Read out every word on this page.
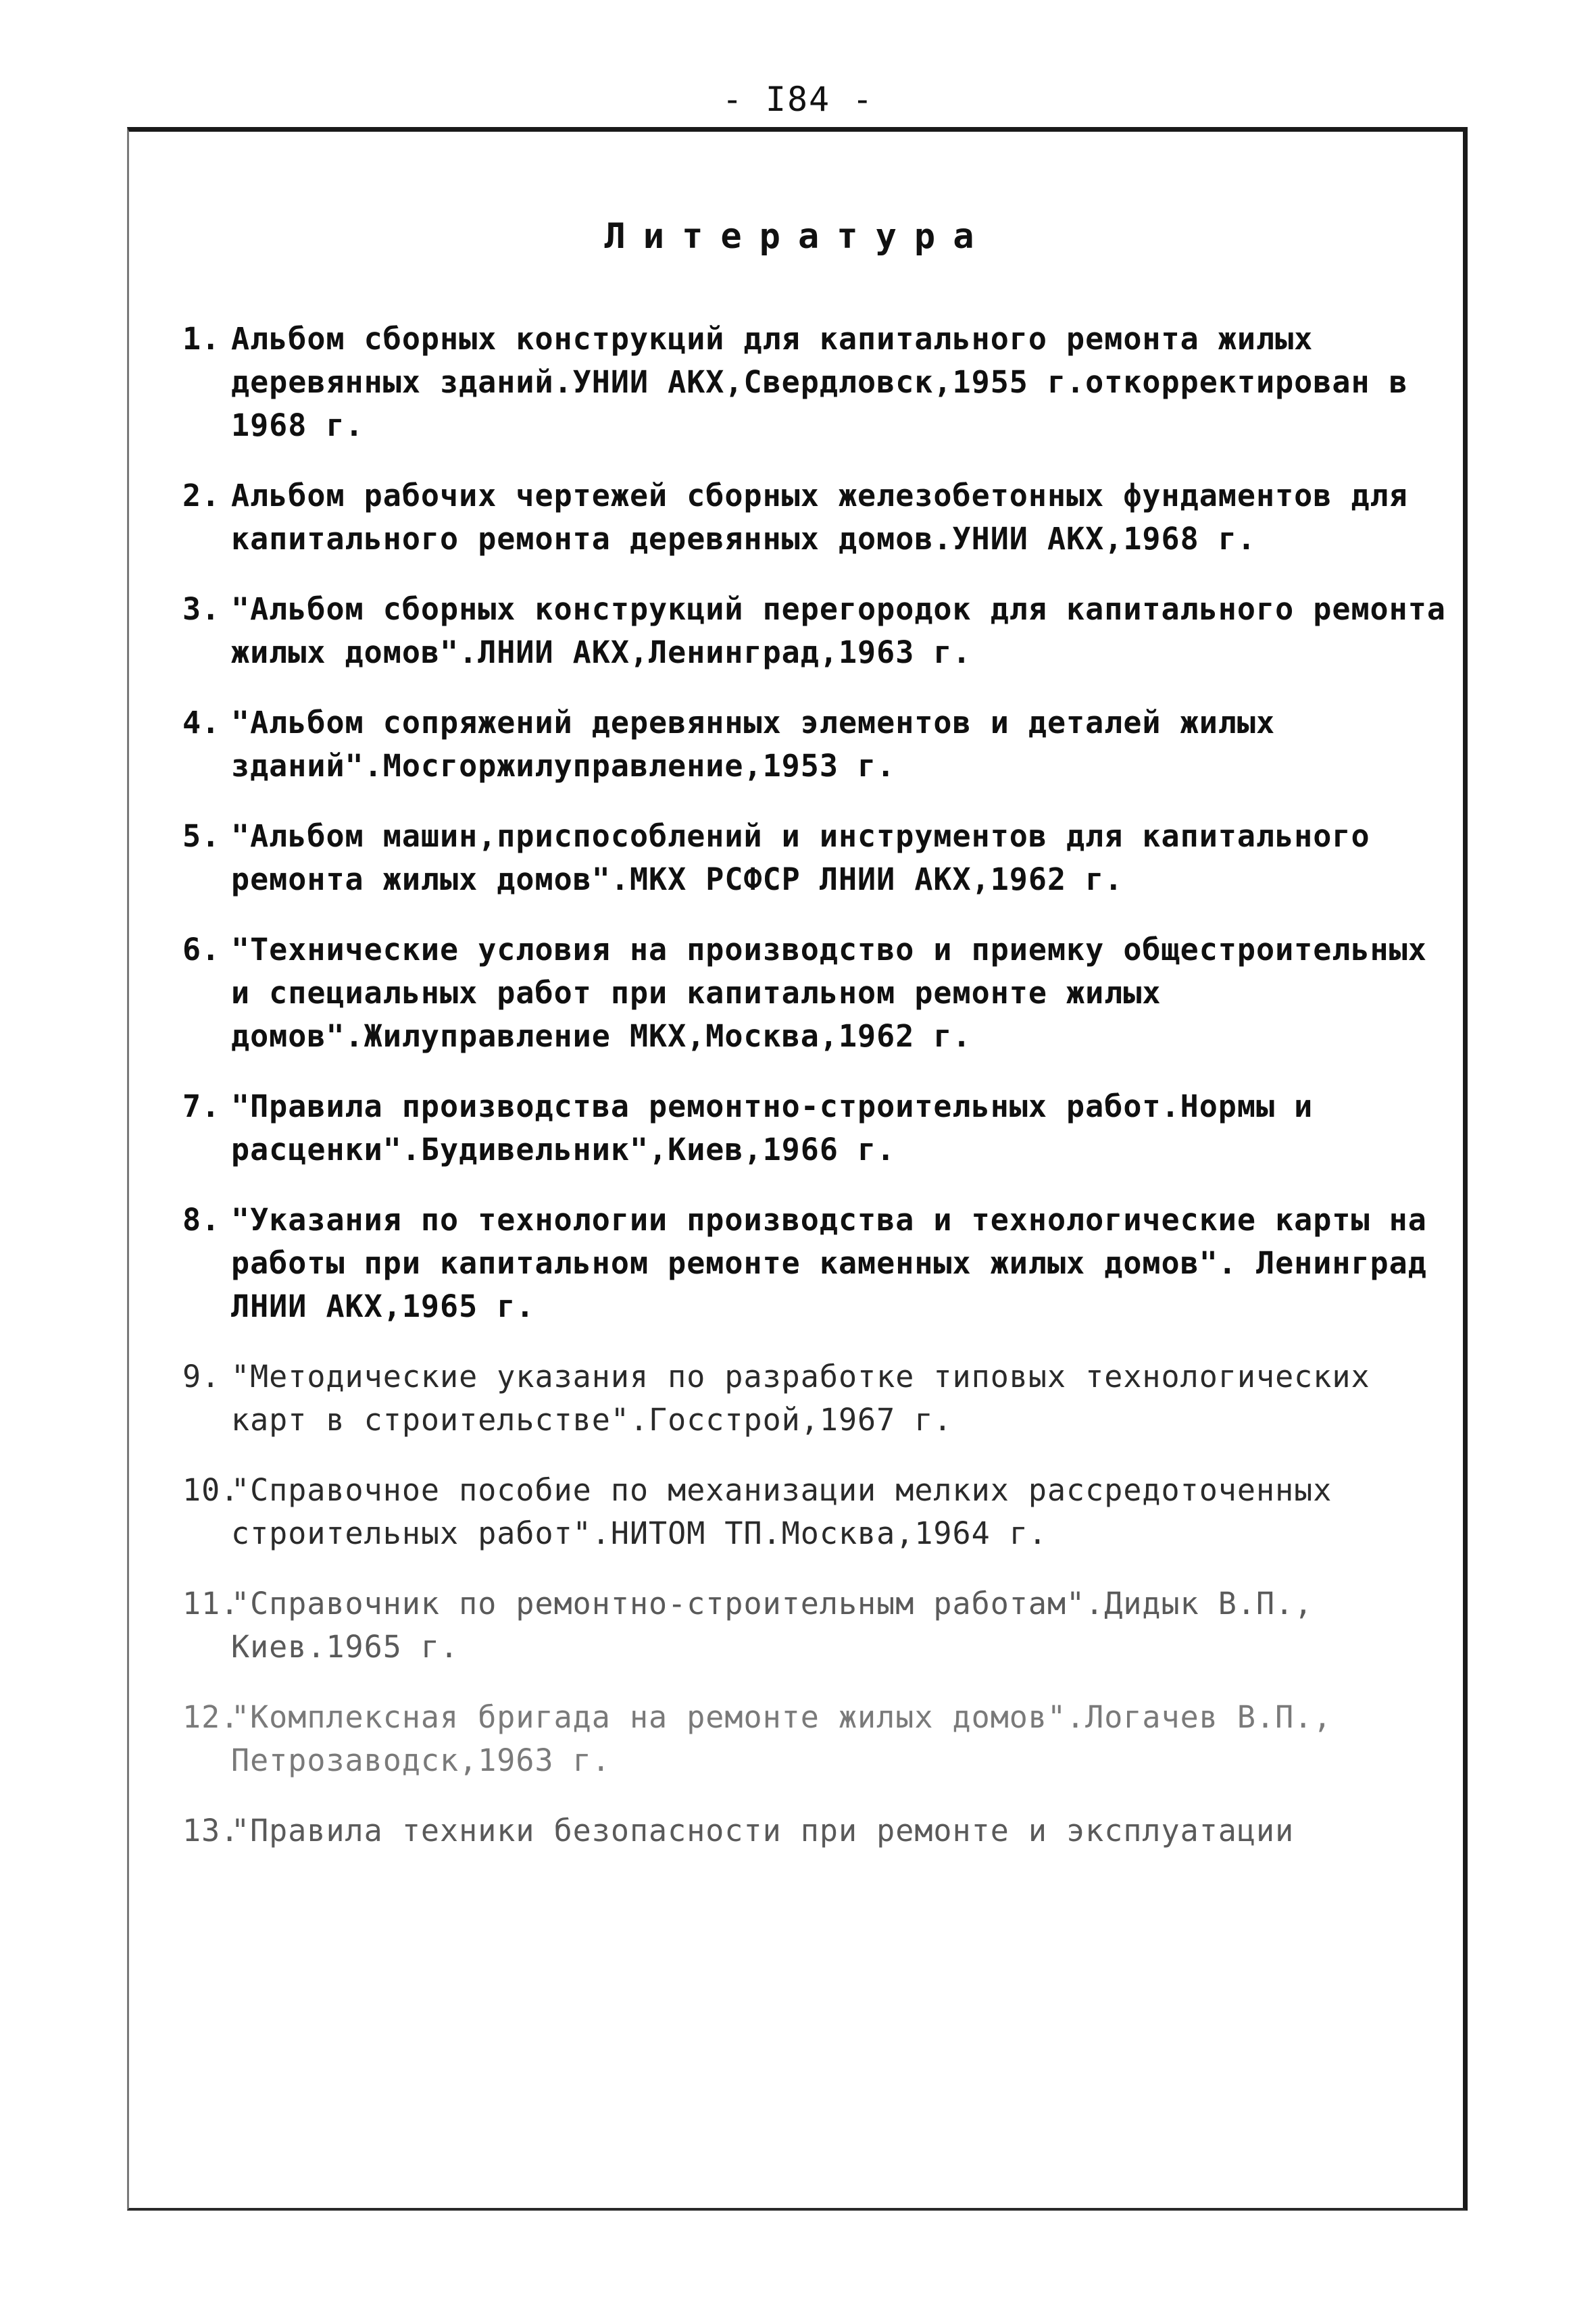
- I84 -
Литература
1. Альбом сборных конструкций для капитального ремонта жилых деревянных зданий.УНИИ АКХ,Свердловск,1955 г.откорректирован в 1968 г.
2. Альбом рабочих чертежей сборных железобетонных фундаментов для капитального ремонта деревянных домов.УНИИ АКХ,1968 г.
3. "Альбом сборных конструкций перегородок для капитального ремонта жилых домов".ЛНИИ АКХ,Ленинград,1963 г.
4. "Альбом сопряжений деревянных элементов и деталей жилых зданий".Мосгоржилуправление,1953 г.
5. "Альбом машин,приспособлений и инструментов для капитального ремонта жилых домов".МКХ РСФСР ЛНИИ АКХ,1962 г.
6. "Технические условия на производство и приемку общестроительных и специальных работ при капитальном ремонте жилых домов".Жилуправление МКХ,Москва,1962 г.
7. "Правила производства ремонтно-строительных работ.Нормы и расценки".Будивельник",Киев,1966 г.
8. "Указания по технологии производства и технологические карты на работы при капитальном ремонте каменных жилых домов". Ленинград ЛНИИ АКХ,1965 г.
9. "Методические указания по разработке типовых технологических карт в строительстве".Госстрой,1967 г.
10.
"Справочное пособие по механизации мелких рассредоточенных строительных работ".НИТОМ ТП.Москва,1964 г.
11.
"Справочник по ремонтно-строительным работам".Дидык В.П., Киев.1965 г.
12.
"Комплексная бригада на ремонте жилых домов".Логачев В.П., Петрозаводск,1963 г.
13.
"Правила техники безопасности при ремонте и эксплуатации
